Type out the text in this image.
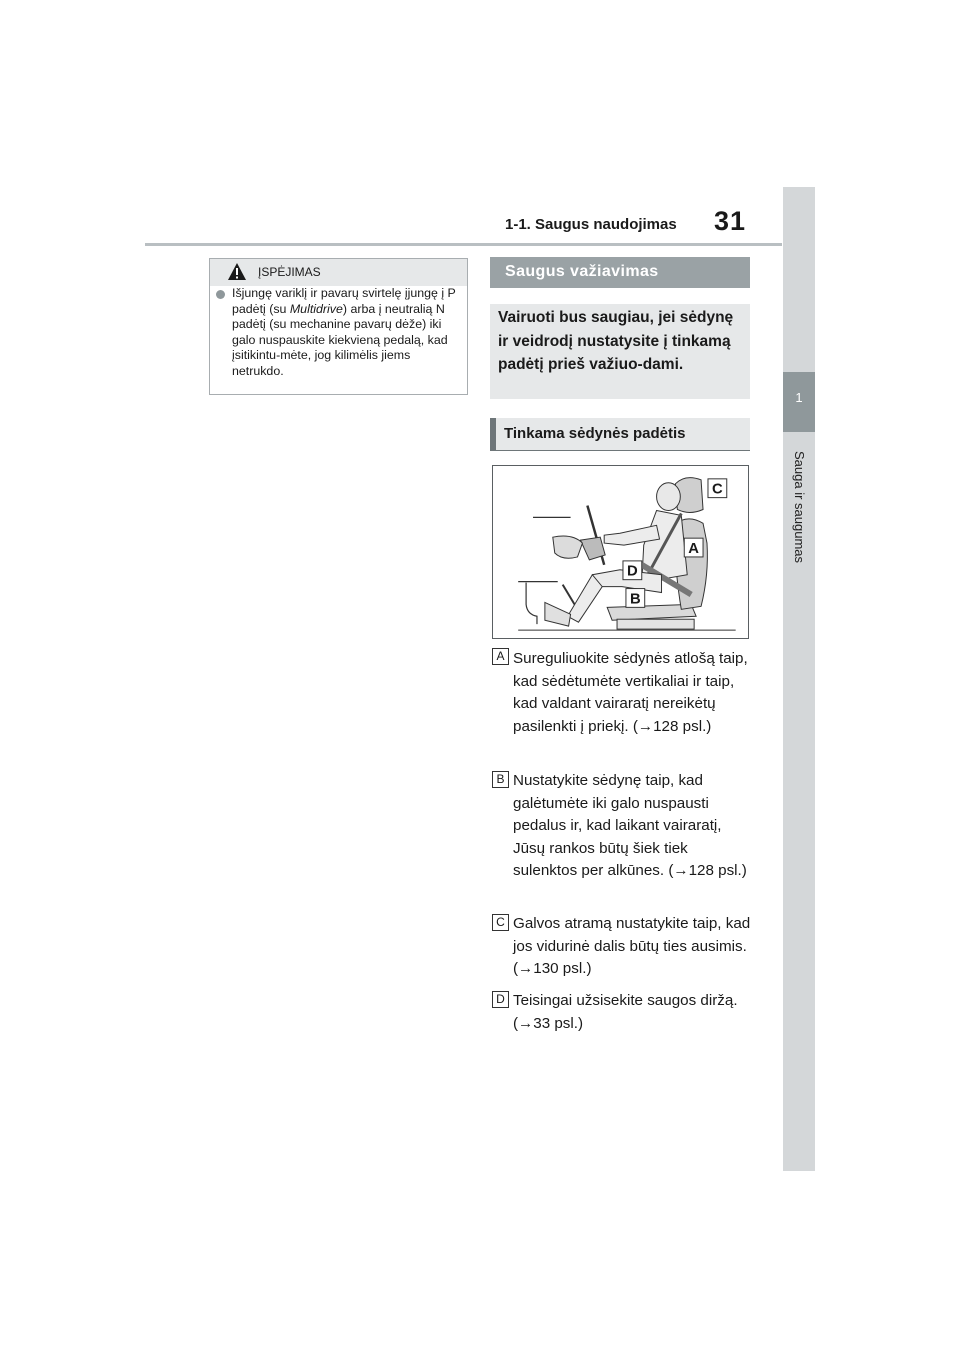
1-1. Saugus naudojimas 31
1
Sauga ir saugumas
ĮSPĖJIMAS
Išjungę variklį ir pavarų svirtelę įjungę į P padėtį (su Multidrive) arba į neutralią N padėtį (su mechanine pavarų dėže) iki galo nuspauskite kiekvieną pedalą, kad įsitikintu-mėte, jog kilimėlis jiems netrukdo.
Saugus važiavimas
Vairuoti bus saugiau, jei sėdynę ir veidrodį nustatysite į tinkamą padėtį prieš važiuo-dami.
Tinkama sėdynės padėtis
C
A
D
B
A Sureguliuokite sėdynės atlošą taip, kad sėdėtumėte vertikaliai ir taip, kad valdant vairaratį nereikėtų pasilenkti į priekį. (→128 psl.)
B Nustatykite sėdynę taip, kad galėtumėte iki galo nuspausti pedalus ir, kad laikant vairaratį, Jūsų rankos būtų šiek tiek sulenktos per alkūnes. (→128 psl.)
C Galvos atramą nustatykite taip, kad jos vidurinė dalis būtų ties ausimis. (→130 psl.)
D Teisingai užsisekite saugos diržą. (→33 psl.)
